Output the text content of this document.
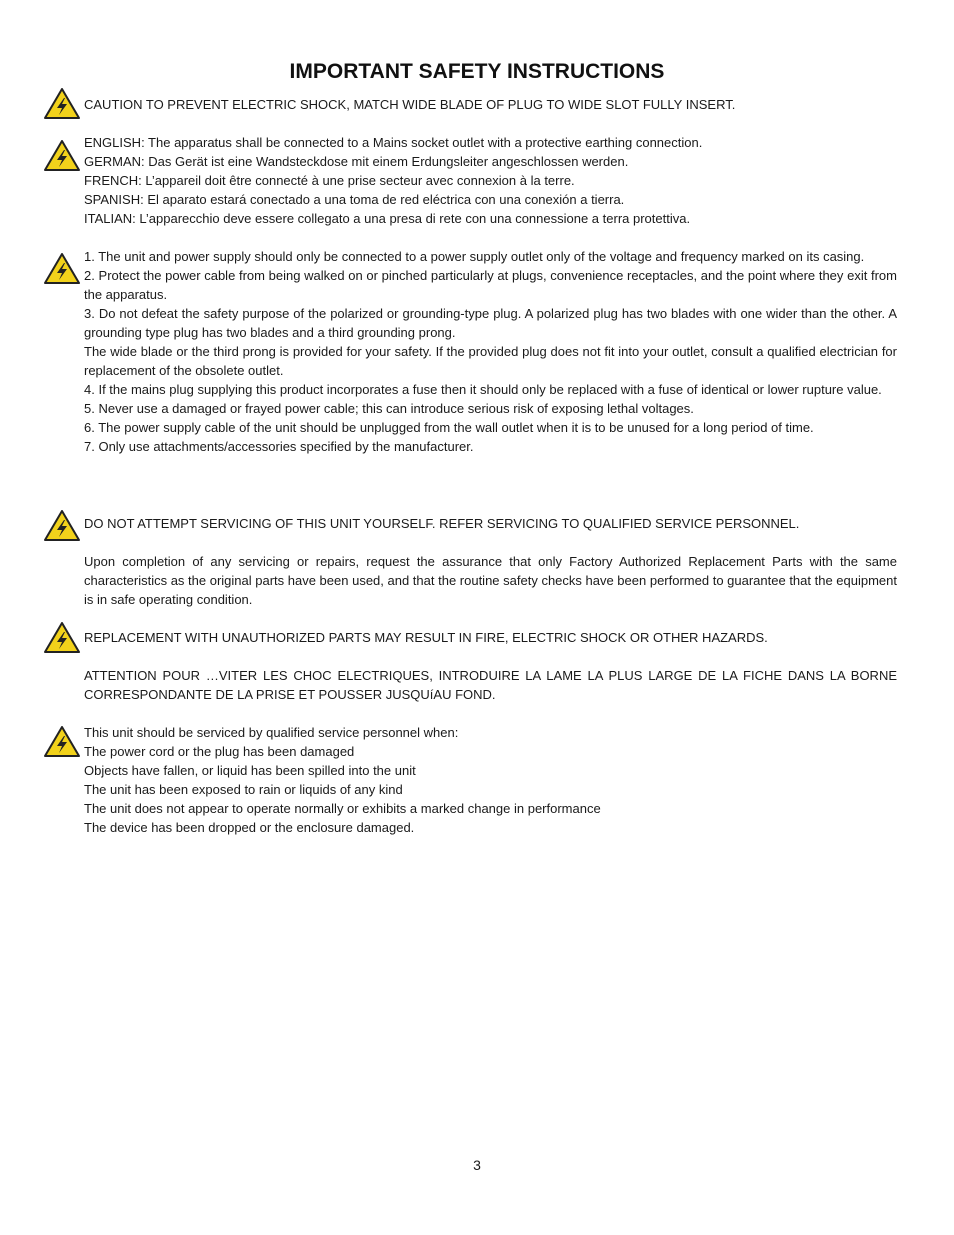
IMPORTANT SAFETY INSTRUCTIONS

CAUTION TO PREVENT ELECTRIC SHOCK, MATCH WIDE BLADE OF PLUG TO WIDE SLOT FULLY INSERT.

ENGLISH: The apparatus shall be connected to a Mains socket outlet with a protective earthing connection.

GERMAN: Das Gerät ist eine Wandsteckdose mit einem Erdungsleiter angeschlossen werden.

FRENCH: L’appareil doit être connecté à une prise secteur avec connexion à la terre.

SPANISH: El aparato estará conectado a una toma de red eléctrica con una conexión a tierra.

ITALIAN: L’apparecchio deve essere collegato a una presa di rete con una connessione a terra protettiva.

1. The unit and power supply should only be connected to a power supply outlet only of the voltage and frequency marked on its casing.

2. Protect the power cable from being walked on or pinched particularly at plugs, convenience receptacles, and the point where they exit from the apparatus.

3. Do not defeat the safety purpose of the polarized or grounding-type plug. A polarized plug has two blades with one wider than the other. A grounding type plug has two blades and a third grounding prong.

The wide blade or the third prong is provided for your safety. If the provided plug does not fit into your outlet, consult a qualified electrician for replacement of the obsolete outlet.

4. If the mains plug supplying this product incorporates a fuse then it should only be replaced with a fuse of identical or lower rupture value.

5. Never use a damaged or frayed power cable; this can introduce serious risk of exposing lethal voltages.

6. The power supply cable of the unit should be unplugged from the wall outlet when it is to be unused for a long period of time.

7. Only use attachments/accessories specified by the manufacturer.

DO NOT ATTEMPT SERVICING OF THIS UNIT YOURSELF. REFER SERVICING TO QUALIFIED SERVICE PERSONNEL.

Upon completion of any servicing or repairs, request the assurance that only Factory Authorized Replacement Parts with the same characteristics as the original parts have been used, and that the routine safety checks have been performed to guarantee that the equipment is in safe operating condition.

REPLACEMENT WITH UNAUTHORIZED PARTS MAY RESULT IN FIRE, ELECTRIC SHOCK OR OTHER HAZARDS.

ATTENTION POUR …VITER LES CHOC ELECTRIQUES, INTRODUIRE LA LAME LA PLUS LARGE DE LA FICHE DANS LA BORNE CORRESPONDANTE DE LA PRISE ET POUSSER JUSQUíAU FOND.

This unit should be serviced by qualified service personnel when:

The power cord or the plug has been damaged

Objects have fallen, or liquid has been spilled into the unit

The unit has been exposed to rain or liquids of any kind

The unit does not appear to operate normally or exhibits a marked change in performance

The device has been dropped or the enclosure damaged.

3
